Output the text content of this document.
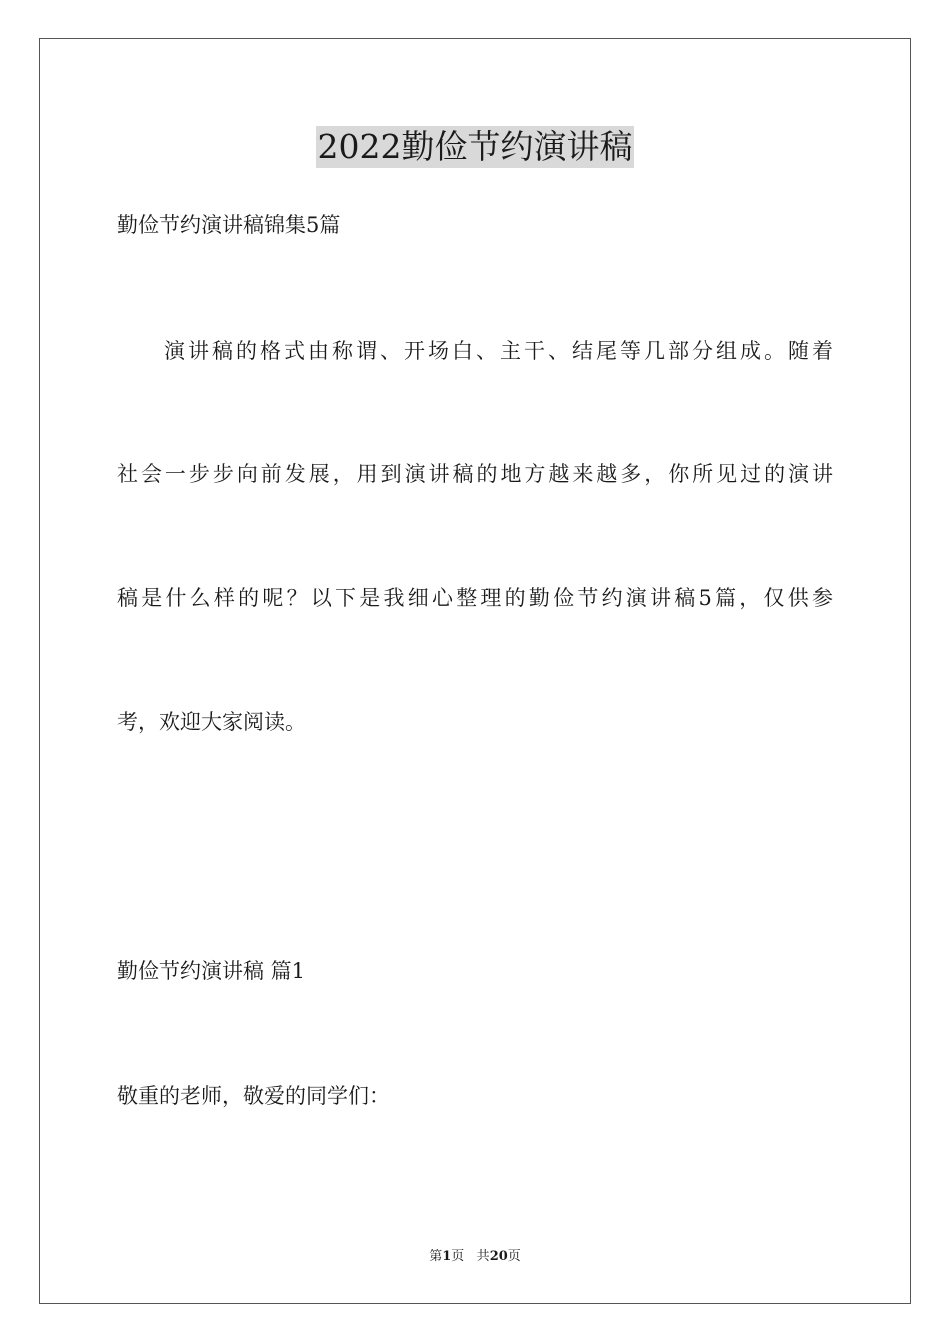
2022勤俭节约演讲稿
勤俭节约演讲稿锦集5篇
演讲稿的格式由称谓、开场白、主干、结尾等几部分组成。随着
社会一步步向前发展，用到演讲稿的地方越来越多，你所见过的演讲
稿是什么样的呢？以下是我细心整理的勤俭节约演讲稿5篇，仅供参
考，欢迎大家阅读。
勤俭节约演讲稿 篇1
敬重的老师，敬爱的同学们：
第1页 共20页
